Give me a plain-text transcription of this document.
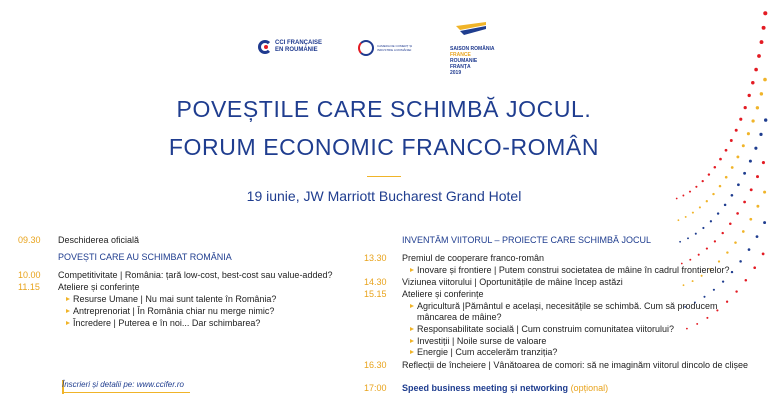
CCI FRANÇAISE
EN ROUMANIE
CAMERA DE COMERȚ ȘI INDUSTRIE A ROMÂNIEI	SAISON ROMÂNIA
FRANCE
ROUMANIE FRANȚA
2019
POVEȘTILE CARE SCHIMBĂ JOCUL.
FORUM ECONOMIC FRANCO-ROMÂN
19 iunie, JW Marriott Bucharest Grand Hotel
09.30 Deschiderea oficială
POVEȘTI CARE AU SCHIMBAT ROMÂNIA
10.00 Competitivitate | România: țară low-cost, best-cost sau value-added?
11.15 Ateliere și conferințe
Resurse Umane | Nu mai sunt talente în România?
Antreprenoriat | În România chiar nu merge nimic?
Încredere | Puterea e în noi... Dar schimbarea?
INVENTĂM VIITORUL – PROIECTE CARE SCHIMBĂ JOCUL
13.30 Premiul de cooperare franco-român
Inovare și frontiere | Putem construi societatea de mâine în cadrul frontierelor?
14.30 Viziunea viitorului | Oportunitățile de mâine încep astăzi
15.15 Ateliere și conferințe
Agricultură |Pământul e același, necesitățile se schimbă. Cum să producem
mâncarea de mâine?
Responsabilitate socială | Cum construim comunitatea viitorului?
Investiții | Noile surse de valoare
Energie | Cum accelerăm tranziția?
16.30 Reflecții de încheiere | Vânătoarea de comori: să ne imaginăm viitorul dincolo de clișee
17:00 Speed business meeting și networking (opțional)
Înscrieri și detalii pe: www.ccifer.ro
